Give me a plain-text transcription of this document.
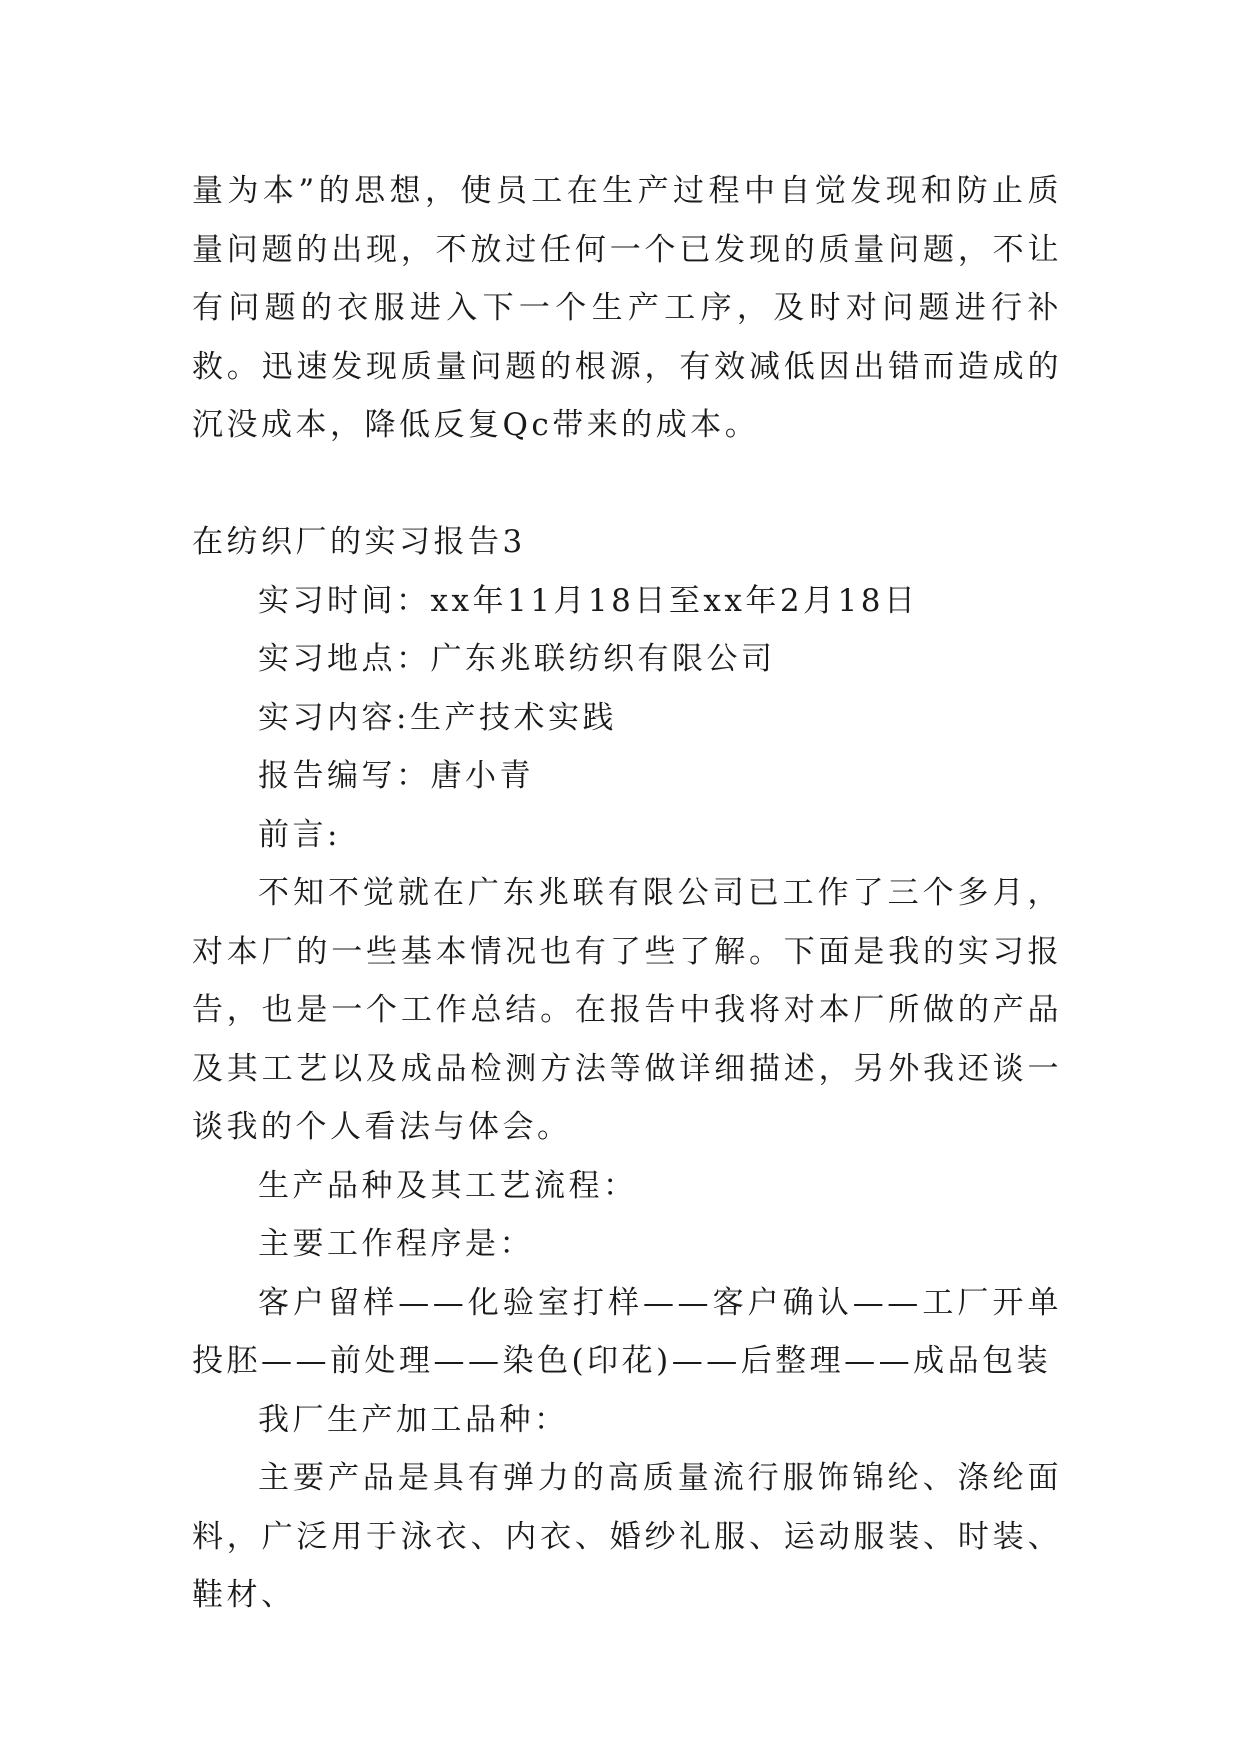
量为本”的思想，使员工在生产过程中自觉发现和防止质量问题的出现，不放过任何一个已发现的质量问题，不让有问题的衣服进入下一个生产工序，及时对问题进行补救。迅速发现质量问题的根源，有效减低因出错而造成的沉没成本，降低反复Qc带来的成本。

在纺织厂的实习报告3

实习时间：xx年11月18日至xx年2月18日

实习地点：广东兆联纺织有限公司

实习内容:生产技术实践

报告编写：唐小青

前言:

不知不觉就在广东兆联有限公司已工作了三个多月，对本厂的一些基本情况也有了些了解。下面是我的实习报告，也是一个工作总结。在报告中我将对本厂所做的产品及其工艺以及成品检测方法等做详细描述，另外我还谈一谈我的个人看法与体会。

生产品种及其工艺流程：

主要工作程序是：

客户留样——化验室打样——客户确认——工厂开单投胚——前处理——染色(印花)——后整理——成品包装

我厂生产加工品种：

主要产品是具有弹力的高质量流行服饰锦纶、涤纶面料，广泛用于泳衣、内衣、婚纱礼服、运动服装、时装、鞋材、
